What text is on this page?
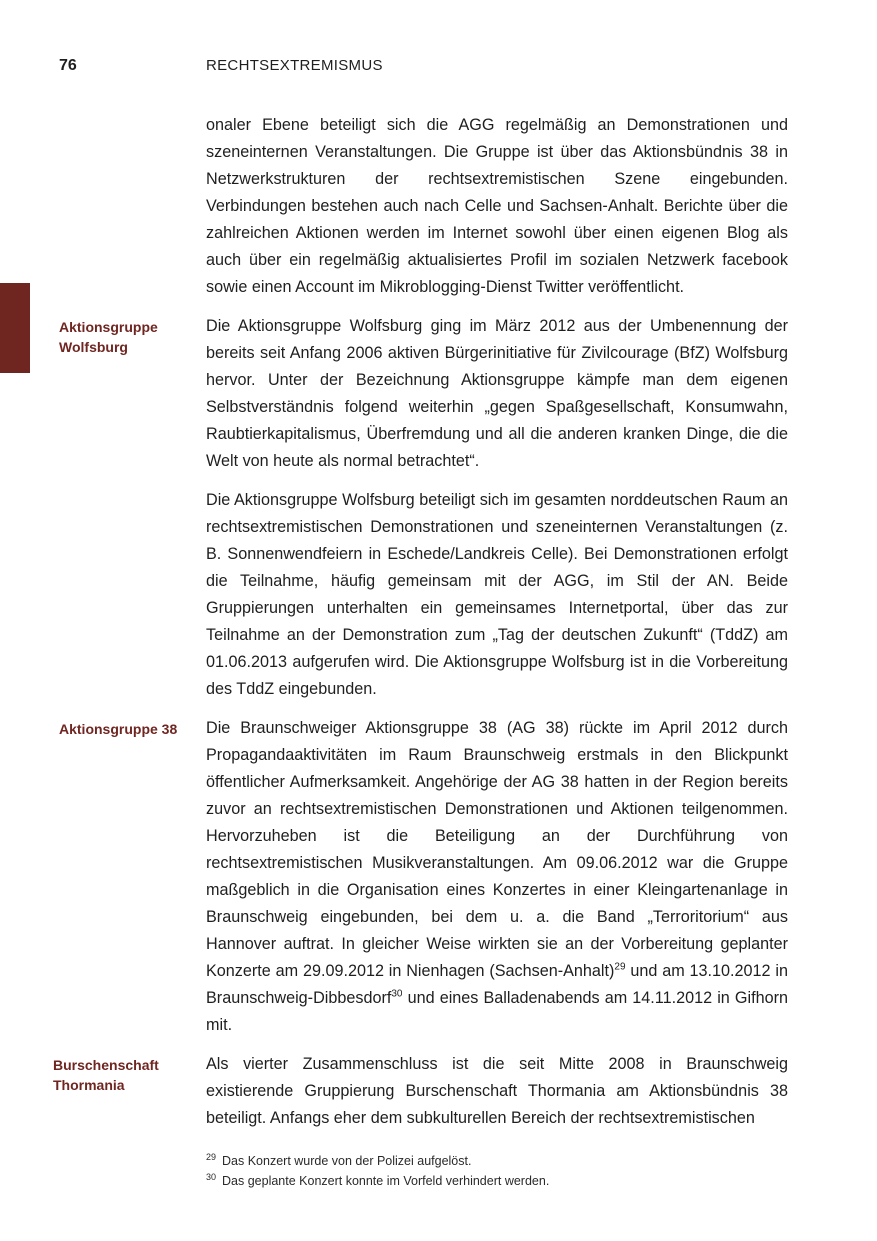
76	RECHTSEXTREMISMUS

onaler Ebene beteiligt sich die AGG regelmäßig an Demonstrationen und szeneinternen Veranstaltungen. Die Gruppe ist über das Aktionsbündnis 38 in Netzwerkstrukturen der rechtsextremistischen Szene eingebunden. Verbindungen bestehen auch nach Celle und Sachsen-Anhalt. Berichte über die zahlreichen Aktionen werden im Internet sowohl über einen eigenen Blog als auch über ein regelmäßig aktualisiertes Profil im sozialen Netzwerk facebook sowie einen Account im Mikroblogging-Dienst Twitter veröffentlicht.

Aktionsgruppe Wolfsburg
Die Aktionsgruppe Wolfsburg ging im März 2012 aus der Umbenennung der bereits seit Anfang 2006 aktiven Bürgerinitiative für Zivilcourage (BfZ) Wolfsburg hervor. Unter der Bezeichnung Aktionsgruppe kämpfe man dem eigenen Selbstverständnis folgend weiterhin „gegen Spaßgesellschaft, Konsumwahn, Raubtierkapitalismus, Überfremdung und all die anderen kranken Dinge, die die Welt von heute als normal betrachtet“.

Die Aktionsgruppe Wolfsburg beteiligt sich im gesamten norddeutschen Raum an rechtsextremistischen Demonstrationen und szeneinternen Veranstaltungen (z. B. Sonnenwendfeiern in Eschede/Landkreis Celle). Bei Demonstrationen erfolgt die Teilnahme, häufig gemeinsam mit der AGG, im Stil der AN. Beide Gruppierungen unterhalten ein gemeinsames Internetportal, über das zur Teilnahme an der Demonstration zum „Tag der deutschen Zukunft“ (TddZ) am 01.06.2013 aufgerufen wird. Die Aktionsgruppe Wolfsburg ist in die Vorbereitung des TddZ eingebunden.

Aktionsgruppe 38	Die Braunschweiger Aktionsgruppe 38 (AG 38) rückte im April 2012 durch Propagandaaktivitäten im Raum Braunschweig erstmals in den Blickpunkt öffentlicher Aufmerksamkeit. Angehörige der AG 38 hatten in der Region bereits zuvor an rechtsextremistischen Demonstrationen und Aktionen teilgenommen. Hervorzuheben ist die Beteiligung an der Durchführung von rechtsextremistischen Musikveranstaltungen. Am 09.06.2012 war die Gruppe maßgeblich in die Organisation eines Konzertes in einer Kleingartenanlage in Braunschweig eingebunden, bei dem u. a. die Band „Terroritorium“ aus Hannover auftrat. In gleicher Weise wirkten sie an der Vorbereitung geplanter Konzerte am 29.09.2012 in Nienhagen (Sachsen-Anhalt)$^{29}$ und am 13.10.2012 in Braunschweig-Dibbesdorf$^{30}$ und eines Balladenabends am 14.11.2012 in Gifhorn mit.

Burschenschaft Thormania
Als vierter Zusammenschluss ist die seit Mitte 2008 in Braunschweig existierende Gruppierung Burschenschaft Thormania am Aktionsbündnis 38 beteiligt. Anfangs eher dem subkulturellen Bereich der rechtsextremistischen

$^{29}$ Das Konzert wurde von der Polizei aufgelöst.

$^{30}$ Das geplante Konzert konnte im Vorfeld verhindert werden.
